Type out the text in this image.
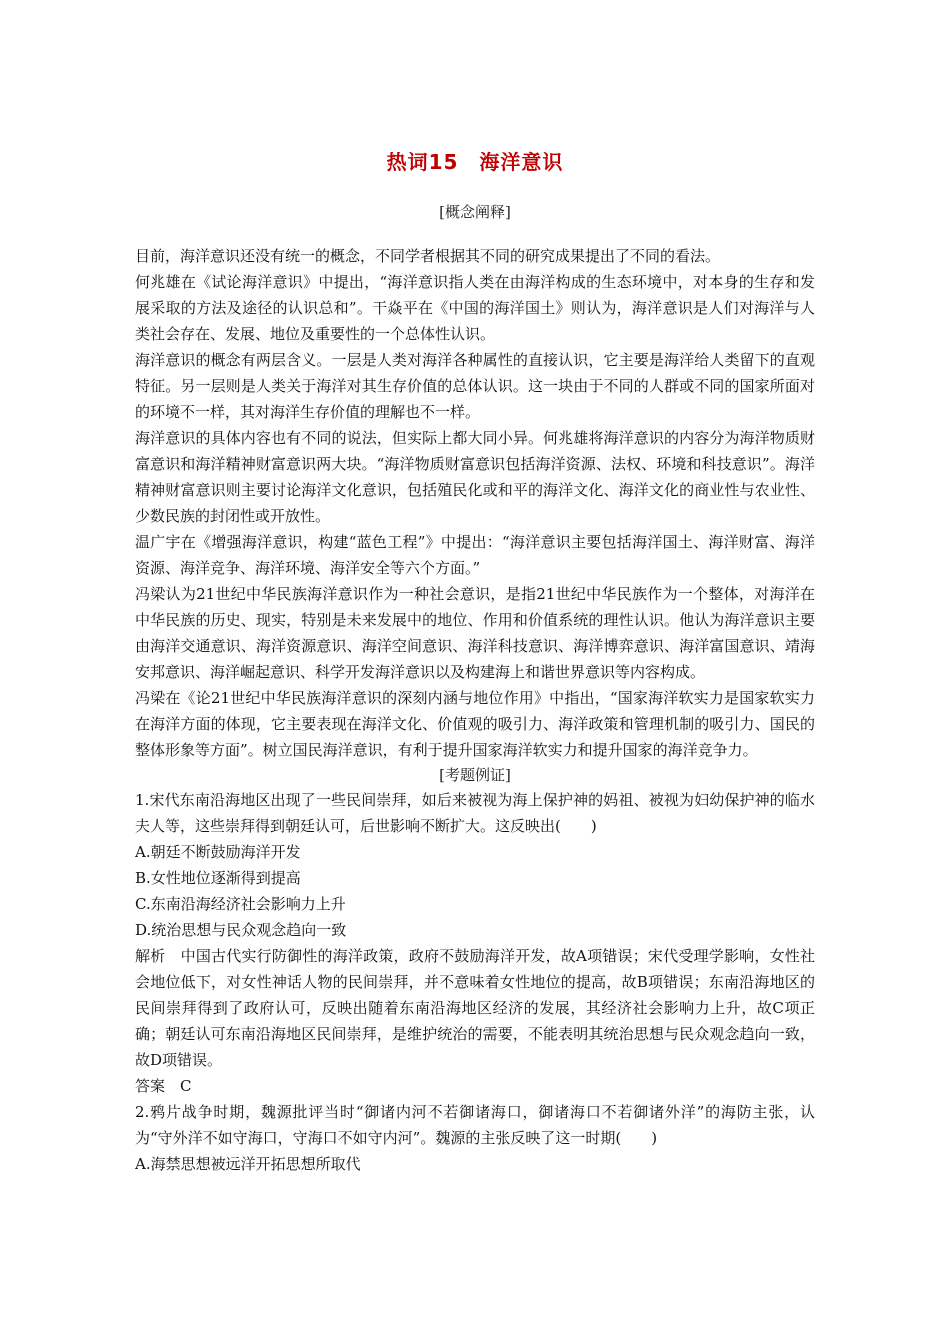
热词15　海洋意识
[概念阐释]

目前，海洋意识还没有统一的概念，不同学者根据其不同的研究成果提出了不同的看法。

何兆雄在《试论海洋意识》中提出，“海洋意识指人类在由海洋构成的生态环境中，对本身的生存和发展采取的方法及途径的认识总和”。干焱平在《中国的海洋国土》则认为，海洋意识是人们对海洋与人类社会存在、发展、地位及重要性的一个总体性认识。

海洋意识的概念有两层含义。一层是人类对海洋各种属性的直接认识，它主要是海洋给人类留下的直观特征。另一层则是人类关于海洋对其生存价值的总体认识。这一块由于不同的人群或不同的国家所面对的环境不一样，其对海洋生存价值的理解也不一样。

海洋意识的具体内容也有不同的说法，但实际上都大同小异。何兆雄将海洋意识的内容分为海洋物质财富意识和海洋精神财富意识两大块。“海洋物质财富意识包括海洋资源、法权、环境和科技意识”。海洋精神财富意识则主要讨论海洋文化意识，包括殖民化或和平的海洋文化、海洋文化的商业性与农业性、少数民族的封闭性或开放性。

温广宇在《增强海洋意识，构建“蓝色工程”》中提出：“海洋意识主要包括海洋国土、海洋财富、海洋资源、海洋竞争、海洋环境、海洋安全等六个方面。”

冯梁认为21世纪中华民族海洋意识作为一种社会意识，是指21世纪中华民族作为一个整体，对海洋在中华民族的历史、现实，特别是未来发展中的地位、作用和价值系统的理性认识。他认为海洋意识主要由海洋交通意识、海洋资源意识、海洋空间意识、海洋科技意识、海洋博弈意识、海洋富国意识、靖海安邦意识、海洋崛起意识、科学开发海洋意识以及构建海上和谐世界意识等内容构成。

冯梁在《论21世纪中华民族海洋意识的深刻内涵与地位作用》中指出，“国家海洋软实力是国家软实力在海洋方面的体现，它主要表现在海洋文化、价值观的吸引力、海洋政策和管理机制的吸引力、国民的整体形象等方面”。树立国民海洋意识，有利于提升国家海洋软实力和提升国家的海洋竞争力。

[考题例证]

1.宋代东南沿海地区出现了一些民间崇拜，如后来被视为海上保护神的妈祖、被视为妇幼保护神的临水夫人等，这些崇拜得到朝廷认可，后世影响不断扩大。这反映出(　　)

A.朝廷不断鼓励海洋开发

B.女性地位逐渐得到提高

C.东南沿海经济社会影响力上升

D.统治思想与民众观念趋向一致

解析　中国古代实行防御性的海洋政策，政府不鼓励海洋开发，故A项错误；宋代受理学影响，女性社会地位低下，对女性神话人物的民间崇拜，并不意味着女性地位的提高，故B项错误；东南沿海地区的民间崇拜得到了政府认可，反映出随着东南沿海地区经济的发展，其经济社会影响力上升，故C项正确；朝廷认可东南沿海地区民间崇拜，是维护统治的需要，不能表明其统治思想与民众观念趋向一致，故D项错误。

答案　C

2.鸦片战争时期，魏源批评当时“御诸内河不若御诸海口，御诸海口不若御诸外洋”的海防主张，认为“守外洋不如守海口，守海口不如守内河”。魏源的主张反映了这一时期(　　)

A.海禁思想被远洋开拓思想所取代
